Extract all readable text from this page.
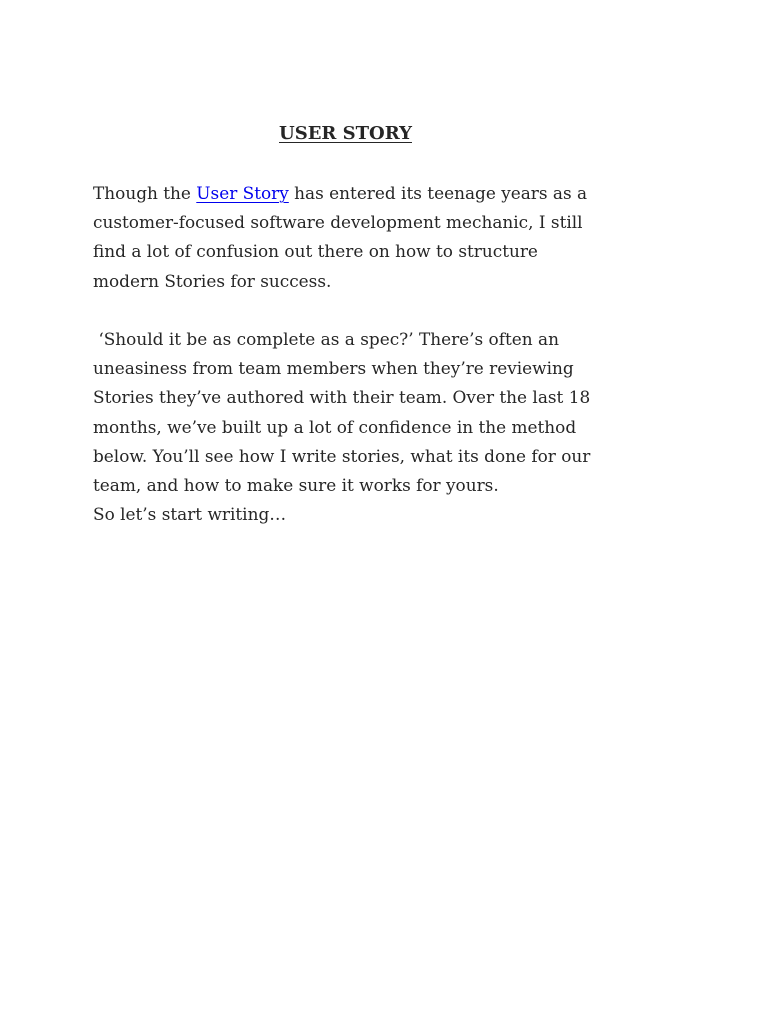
USER STORY
Though the User Story has entered its teenage years as a
customer-focused software development mechanic, I still
find a lot of confusion out there on how to structure
modern Stories for success.
‘Should it be as complete as a spec?’ There’s often an
uneasiness from team members when they’re reviewing
Stories they’ve authored with their team. Over the last 18
months, we’ve built up a lot of confidence in the method
below. You’ll see how I write stories, what its done for our
team, and how to make sure it works for yours.
So let’s start writing…
